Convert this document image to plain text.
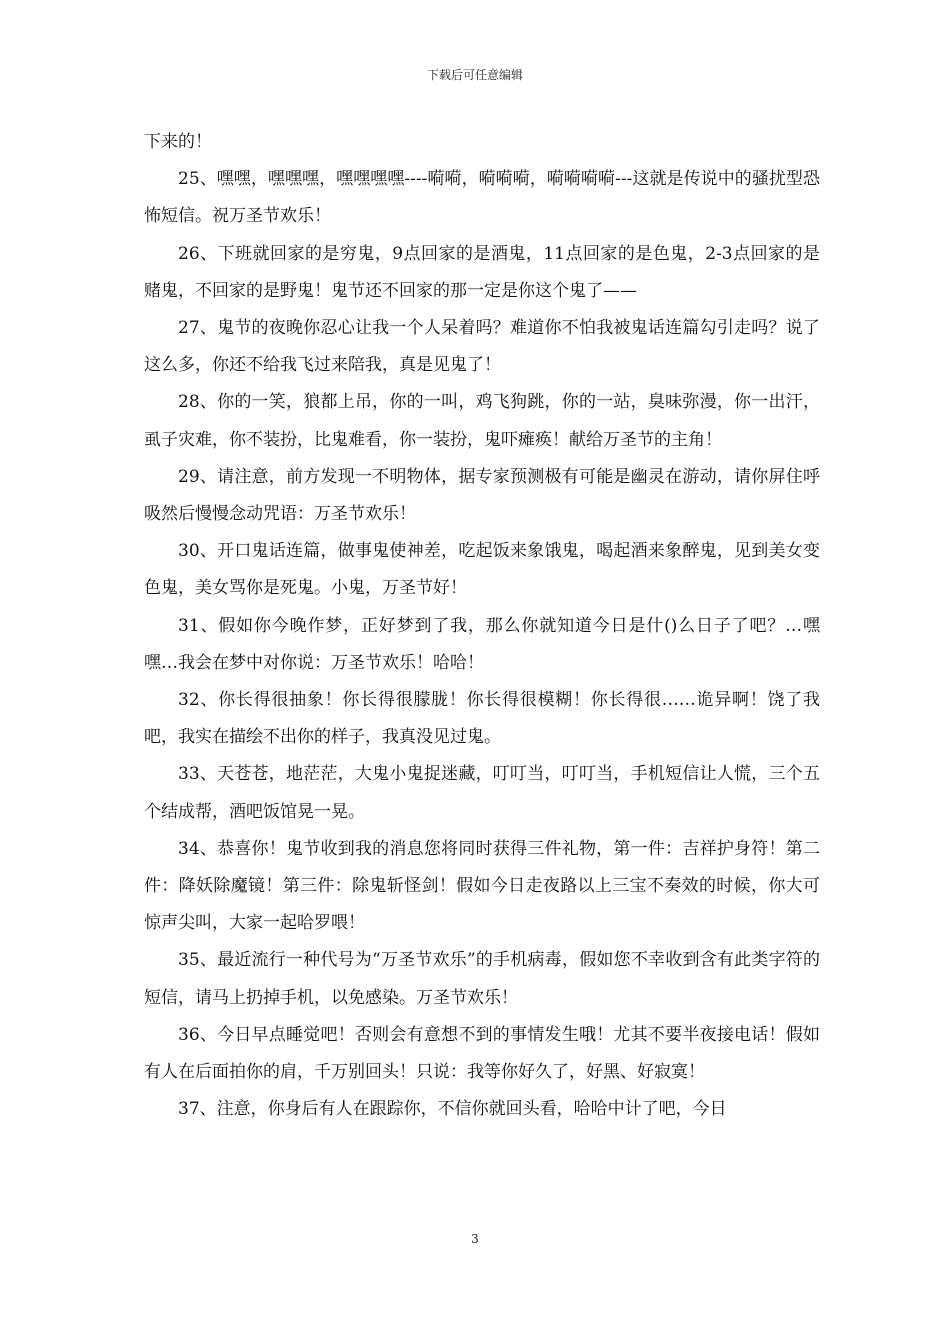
下载后可任意编辑

下来的！

25、嘿嘿，嘿嘿嘿，嘿嘿嘿嘿----嗬嗬，嗬嗬嗬，嗬嗬嗬嗬---这就是传说中的骚扰型恐怖短信。祝万圣节欢乐！

26、下班就回家的是穷鬼，9点回家的是酒鬼，11点回家的是色鬼，2-3点回家的是赌鬼，不回家的是野鬼！鬼节还不回家的那一定是你这个鬼了——

27、鬼节的夜晚你忍心让我一个人呆着吗？难道你不怕我被鬼话连篇勾引走吗？说了这么多，你还不给我飞过来陪我，真是见鬼了！

28、你的一笑，狼都上吊，你的一叫，鸡飞狗跳，你的一站，臭味弥漫，你一出汗，虱子灾难，你不装扮，比鬼难看，你一装扮，鬼吓瘫痪！献给万圣节的主角！

29、请注意，前方发现一不明物体，据专家预测极有可能是幽灵在游动，请你屏住呼吸然后慢慢念动咒语：万圣节欢乐！

30、开口鬼话连篇，做事鬼使神差，吃起饭来象饿鬼，喝起酒来象醉鬼，见到美女变色鬼，美女骂你是死鬼。小鬼，万圣节好！

31、假如你今晚作梦，正好梦到了我，那么你就知道今日是什()么日子了吧？…嘿嘿…我会在梦中对你说：万圣节欢乐！哈哈！

32、你长得很抽象！你长得很朦胧！你长得很模糊！你长得很……诡异啊！饶了我吧，我实在描绘不出你的样子，我真没见过鬼。

33、天苍苍，地茫茫，大鬼小鬼捉迷藏，叮叮当，叮叮当，手机短信让人慌，三个五个结成帮，酒吧饭馆晃一晃。

34、恭喜你！鬼节收到我的消息您将同时获得三件礼物，第一件：吉祥护身符！第二件：降妖除魔镜！第三件：除鬼斩怪剑！假如今日走夜路以上三宝不奏效的时候，你大可惊声尖叫，大家一起哈罗喂！

35、最近流行一种代号为“万圣节欢乐”的手机病毒，假如您不幸收到含有此类字符的短信，请马上扔掉手机，以免感染。万圣节欢乐！

36、今日早点睡觉吧！否则会有意想不到的事情发生哦！尤其不要半夜接电话！假如有人在后面拍你的肩，千万别回头！只说：我等你好久了，好黑、好寂寞！

37、注意，你身后有人在跟踪你，不信你就回头看，哈哈中计了吧，今日

3
